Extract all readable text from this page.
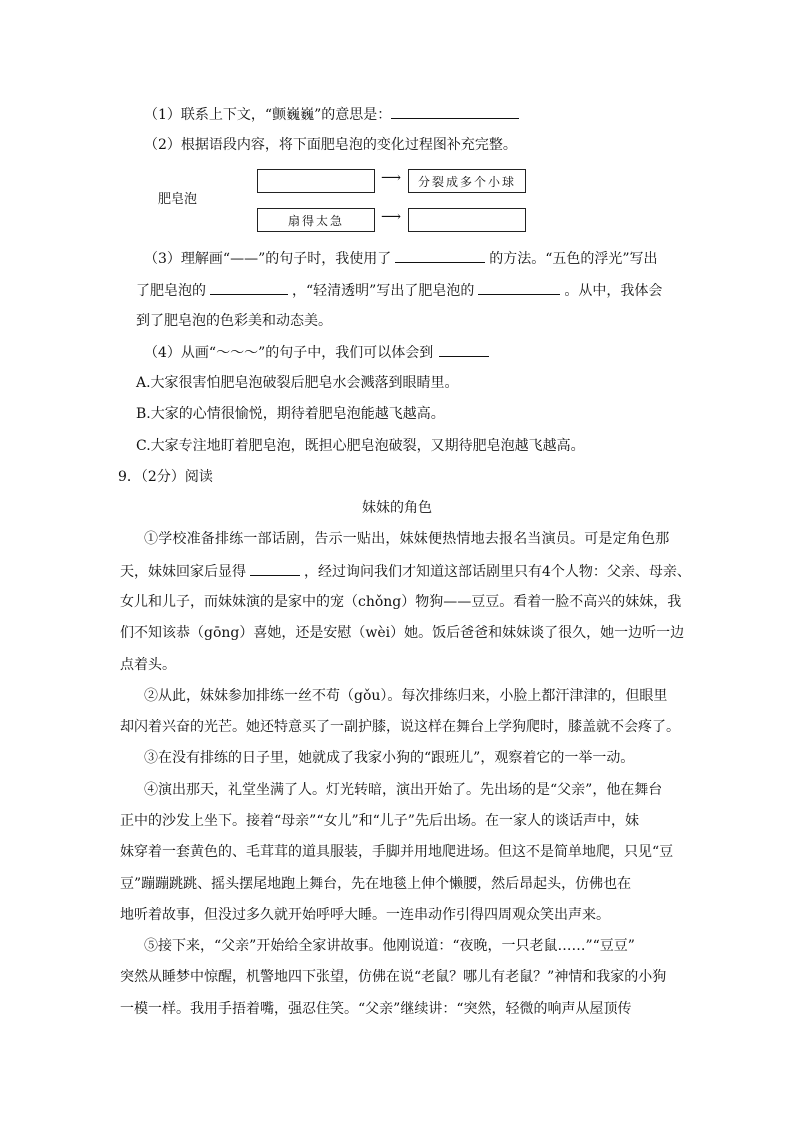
（1）联系上下文，“颤巍巍”的意思是：
（2）根据语段内容，将下面肥皂泡的变化过程图补充完整。
肥皂泡
⟶	分裂成多个小球
扇得太急	⟶
（3）理解画“——”的句子时，我使用了	的方法。“五色的浮光”写出
了肥皂泡的	，“轻清透明”写出了肥皂泡的	。从中，我体会
到了肥皂泡的色彩美和动态美。
（4）从画“～～～”的句子中，我们可以体会到
A.大家很害怕肥皂泡破裂后肥皂水会溅落到眼睛里。
B.大家的心情很愉悦，期待着肥皂泡能越飞越高。
C.大家专注地盯着肥皂泡，既担心肥皂泡破裂，又期待肥皂泡越飞越高。
9．（2分）阅读
妹妹的角色
①学校准备排练一部话剧，告示一贴出，妹妹便热情地去报名当演员。可是定角色那
天，妹妹回家后显得	，经过询问我们才知道这部话剧里只有4个人物：父亲、母亲、
女儿和儿子，而妹妹演的是家中的宠（chǒng）物狗——豆豆。看着一脸不高兴的妹妹，我
们不知该恭（gōng）喜她，还是安慰（wèi）她。饭后爸爸和妹妹谈了很久，她一边听一边
点着头。
②从此，妹妹参加排练一丝不苟（gǒu）。每次排练归来，小脸上都汗津津的，但眼里
却闪着兴奋的光芒。她还特意买了一副护膝，说这样在舞台上学狗爬时，膝盖就不会疼了。
③在没有排练的日子里，她就成了我家小狗的“跟班儿”，观察着它的一举一动。
④演出那天，礼堂坐满了人。灯光转暗，演出开始了。先出场的是“父亲”，他在舞台
正中的沙发上坐下。接着“母亲”“女儿”和“儿子”先后出场。在一家人的谈话声中，妹
妹穿着一套黄色的、毛茸茸的道具服装，手脚并用地爬进场。但这不是简单地爬，只见“豆
豆”蹦蹦跳跳、摇头摆尾地跑上舞台，先在地毯上伸个懒腰，然后昂起头，仿佛也在
地听着故事，但没过多久就开始呼呼大睡。一连串动作引得四周观众笑出声来。
⑤接下来，“父亲”开始给全家讲故事。他刚说道：“夜晚，一只老鼠……”“豆豆”
突然从睡梦中惊醒，机警地四下张望，仿佛在说“老鼠？哪儿有老鼠？”神情和我家的小狗
一模一样。我用手捂着嘴，强忍住笑。“父亲”继续讲：“突然，轻微的响声从屋顶传
